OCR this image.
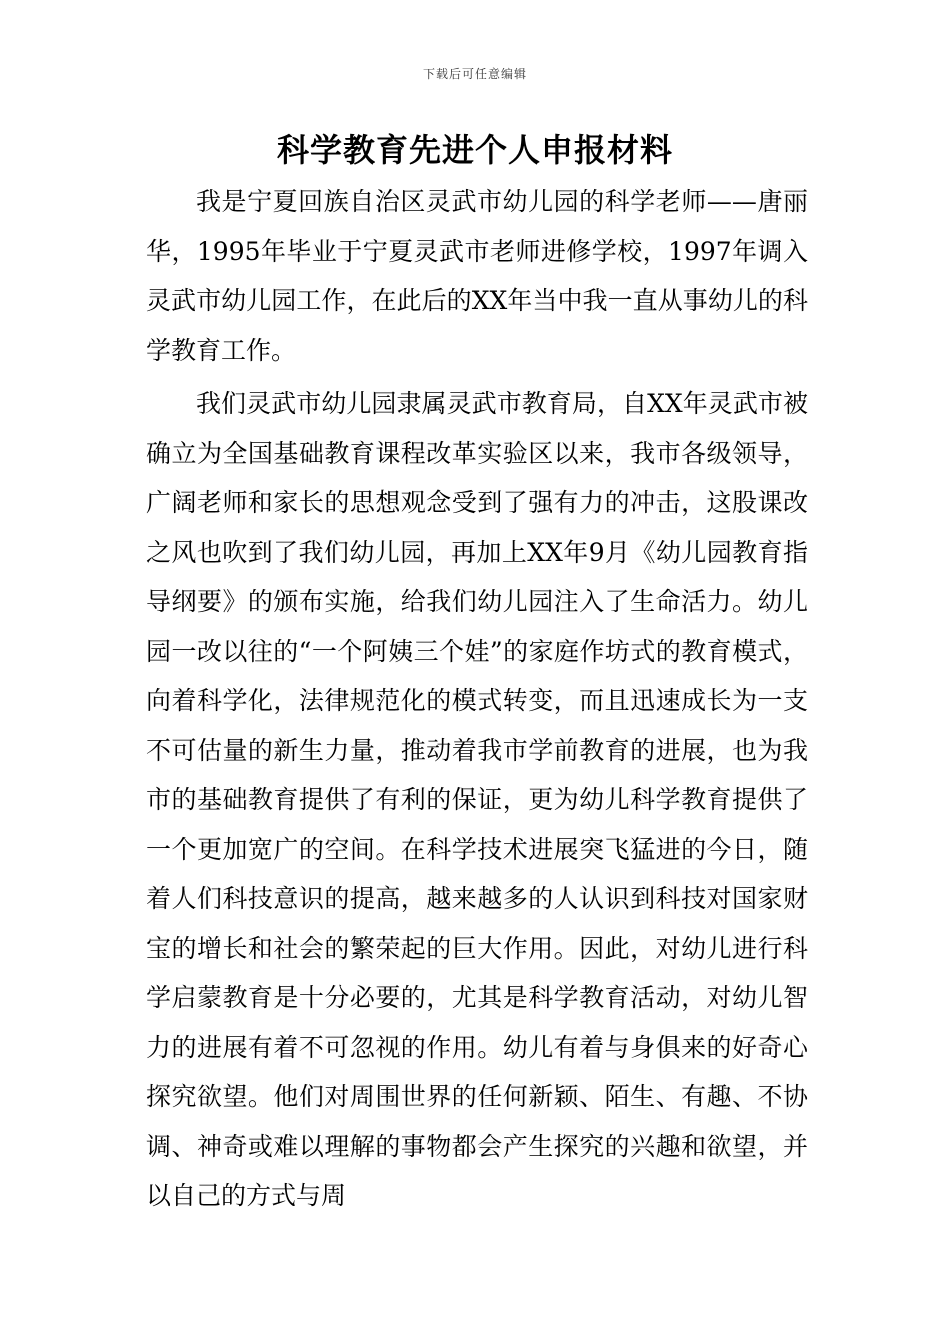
下载后可任意编辑
科学教育先进个人申报材料

我是宁夏回族自治区灵武市幼儿园的科学老师——唐丽华，1995年毕业于宁夏灵武市老师进修学校，1997年调入灵武市幼儿园工作，在此后的XX年当中我一直从事幼儿的科学教育工作。

我们灵武市幼儿园隶属灵武市教育局，自XX年灵武市被确立为全国基础教育课程改革实验区以来，我市各级领导，广阔老师和家长的思想观念受到了强有力的冲击，这股课改之风也吹到了我们幼儿园，再加上XX年9月《幼儿园教育指导纲要》的颁布实施，给我们幼儿园注入了生命活力。幼儿园一改以往的“一个阿姨三个娃”的家庭作坊式的教育模式，向着科学化，法律规范化的模式转变，而且迅速成长为一支不可估量的新生力量，推动着我市学前教育的进展，也为我市的基础教育提供了有利的保证，更为幼儿科学教育提供了一个更加宽广的空间。在科学技术进展突飞猛进的今日，随着人们科技意识的提高，越来越多的人认识到科技对国家财宝的增长和社会的繁荣起的巨大作用。因此，对幼儿进行科学启蒙教育是十分必要的，尤其是科学教育活动，对幼儿智力的进展有着不可忽视的作用。幼儿有着与身俱来的好奇心探究欲望。他们对周围世界的任何新颖、陌生、有趣、不协调、神奇或难以理解的事物都会产生探究的兴趣和欲望，并以自己的方式与周
